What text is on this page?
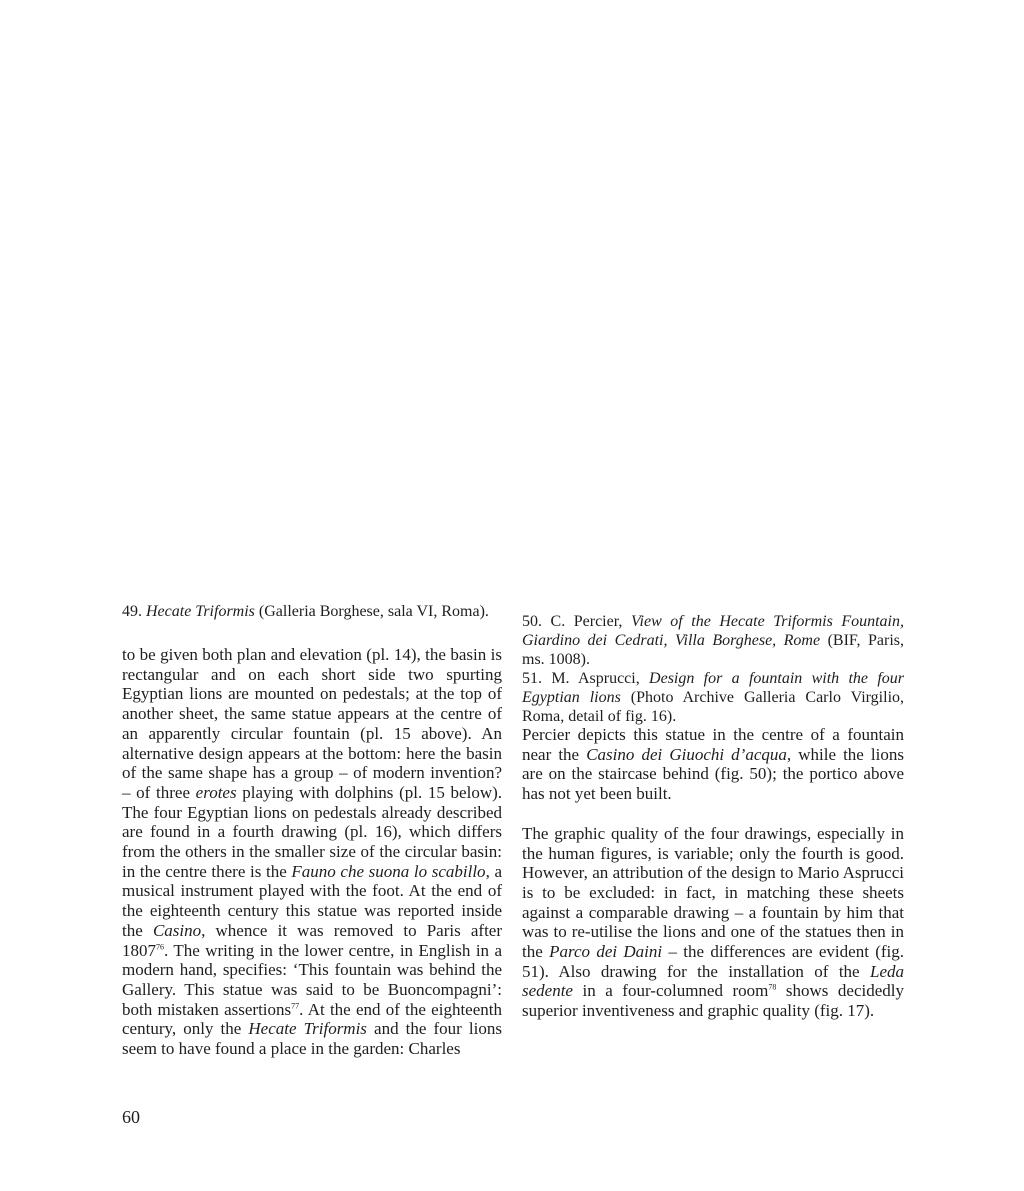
49. Hecate Triformis (Galleria Borghese, sala VI, Roma).

50. C. Percier, View of the Hecate Triformis Fountain, Giardino dei Cedrati, Villa Borghese, Rome (BIF, Paris, ms. 1008).

51. M. Asprucci, Design for a fountain with the four Egyptian lions (Photo Archive Galleria Carlo Virgilio, Roma, detail of fig. 16).

to be given both plan and elevation (pl. 14), the basin is rectangular and on each short side two spurting Egyptian lions are mounted on pedestals; at the top of another sheet, the same statue appears at the centre of an apparently circular fountain (pl. 15 above). An alternative design appears at the bottom: here the basin of the same shape has a group – of modern invention? – of three erotes playing with dolphins (pl. 15 below). The four Egyptian lions on pedestals already described are found in a fourth drawing (pl. 16), which differs from the others in the smaller size of the circular basin: in the centre there is the Fauno che suona lo scabillo, a musical instrument played with the foot. At the end of the eighteenth century this statue was reported inside the Casino, whence it was removed to Paris after 1807$^{76}$. The writing in the lower centre, in English in a modern hand, specifies: ‘This fountain was behind the Gallery. This statue was said to be Buoncompagni’: both mistaken assertions$^{77}$. At the end of the eighteenth century, only the Hecate Triformis and the four lions seem to have found a place in the garden: Charles

Percier depicts this statue in the centre of a fountain near the Casino dei Giuochi d’acqua, while the lions are on the staircase behind (fig. 50); the portico above has not yet been built.

The graphic quality of the four drawings, especially in the human figures, is variable; only the fourth is good. However, an attribution of the design to Mario Asprucci is to be excluded: in fact, in matching these sheets against a comparable drawing – a fountain by him that was to re-utilise the lions and one of the statues then in the Parco dei Daini – the differences are evident (fig. 51). Also drawing for the installation of the Leda sedente in a four-columned room$^{78}$ shows decidedly superior inventiveness and graphic quality (fig. 17).

60
